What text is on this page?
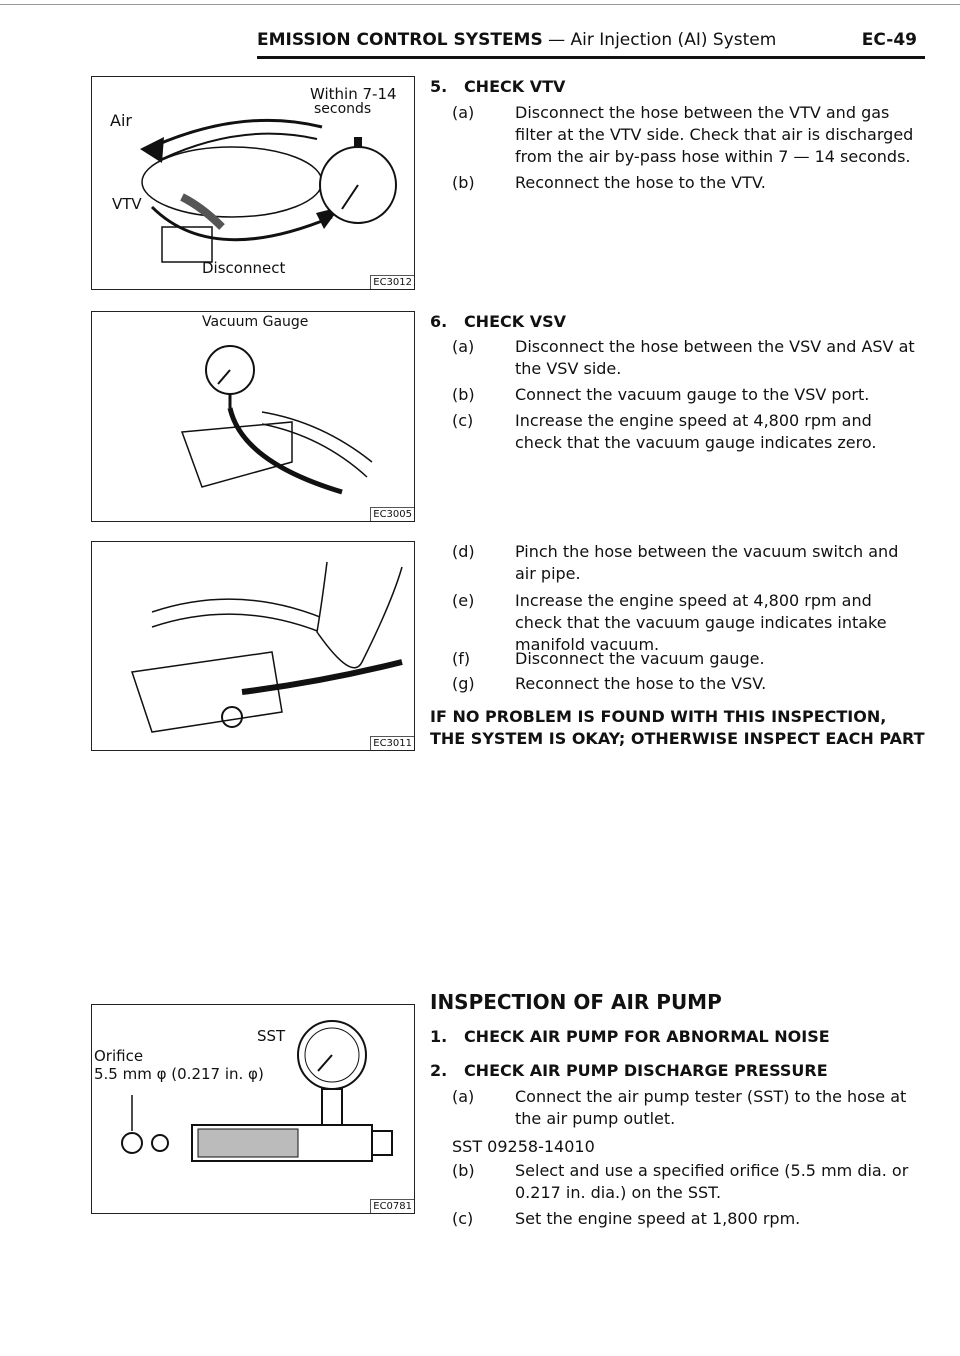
EMISSION CONTROL SYSTEMS — Air Injection (AI) System	EC-49
Within 7-14
seconds
Air
VTV
Disconnect
EC3012
Vacuum Gauge
EC3005
EC3011
SST
Orifice
5.5 mm φ (0.217 in. φ)
EC0781
5. CHECK VTV
(a)	Disconnect the hose between the VTV and gas filter at the VTV side. Check that air is discharged from the air by-pass hose within 7 — 14 seconds.
(b)	Reconnect the hose to the VTV.
6. CHECK VSV
(a)	Disconnect the hose between the VSV and ASV at the VSV side.
(b)	Connect the vacuum gauge to the VSV port.
(c)	Increase the engine speed at 4,800 rpm and check that the vacuum gauge indicates zero.
(d)	Pinch the hose between the vacuum switch and air pipe.
(e)	Increase the engine speed at 4,800 rpm and check that the vacuum gauge indicates intake manifold vacuum.
(f)	Disconnect the vacuum gauge.
(g)	Reconnect the hose to the VSV.
IF NO PROBLEM IS FOUND WITH THIS INSPECTION, THE SYSTEM IS OKAY; OTHERWISE INSPECT EACH PART
INSPECTION OF AIR PUMP
1. CHECK AIR PUMP FOR ABNORMAL NOISE
2. CHECK AIR PUMP DISCHARGE PRESSURE
(a)	Connect the air pump tester (SST) to the hose at the air pump outlet.
SST 09258-14010
(b)	Select and use a specified orifice (5.5 mm dia. or 0.217 in. dia.) on the SST.
(c)	Set the engine speed at 1,800 rpm.
